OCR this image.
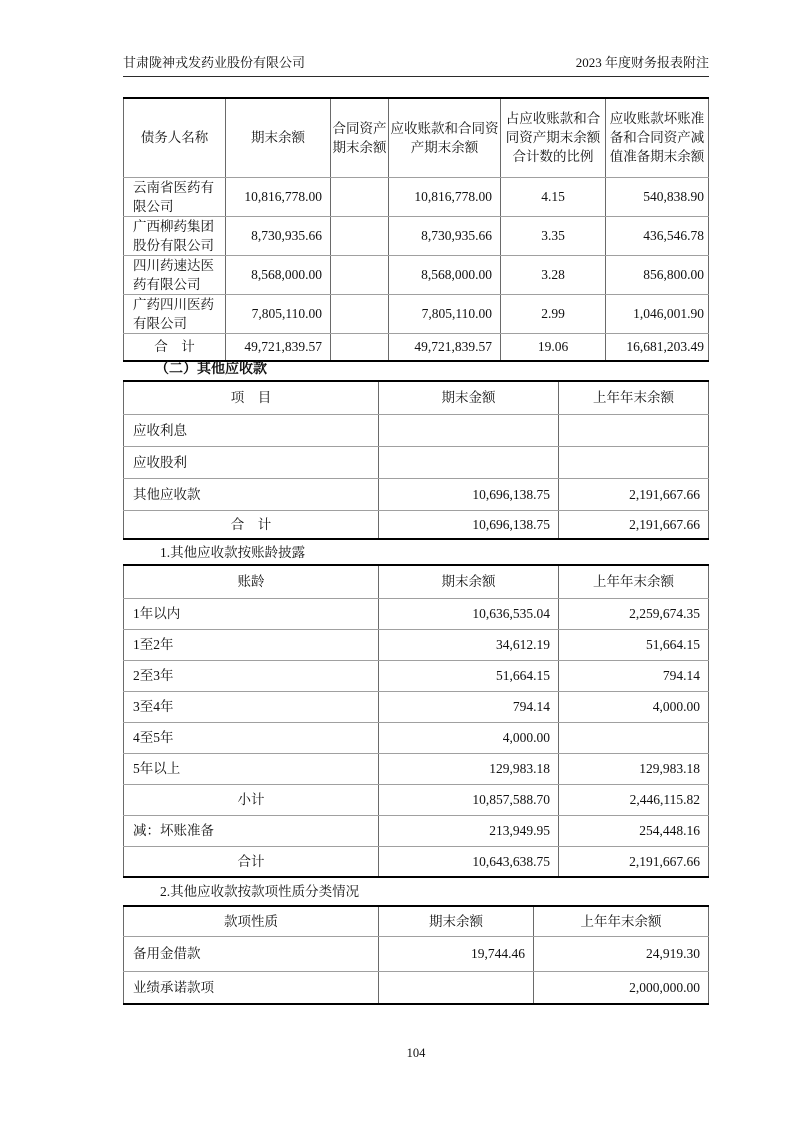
甘肃陇神戎发药业股份有限公司	2023 年度财务报表附注
债务人名称	期末余额	合同资产期末余额	应收账款和合同资产期末余额	占应收账款和合同资产期末余额合计数的比例	应收账款坏账准备和合同资产减值准备期末余额
云南省医药有限公司	10,816,778.00		10,816,778.00	4.15	540,838.90
广西柳药集团股份有限公司	8,730,935.66		8,730,935.66	3.35	436,546.78
四川药速达医药有限公司	8,568,000.00		8,568,000.00	3.28	856,800.00
广药四川医药有限公司	7,805,110.00		7,805,110.00	2.99	1,046,001.90
合　计	49,721,839.57		49,721,839.57	19.06	16,681,203.49
（二）其他应收款
项　目	期末金额	上年年末余额
应收利息		
应收股利		
其他应收款	10,696,138.75	2,191,667.66
合　计	10,696,138.75	2,191,667.66
1.其他应收款按账龄披露
账龄	期末余额	上年年末余额
1年以内	10,636,535.04	2,259,674.35
1至2年	34,612.19	51,664.15
2至3年	51,664.15	794.14
3至4年	794.14	4,000.00
4至5年	4,000.00	
5年以上	129,983.18	129,983.18
小计	10,857,588.70	2,446,115.82
减：坏账准备	213,949.95	254,448.16
合计	10,643,638.75	2,191,667.66
2.其他应收款按款项性质分类情况
款项性质	期末余额	上年年末余额
备用金借款	19,744.46	24,919.30
业绩承诺款项		2,000,000.00
104
